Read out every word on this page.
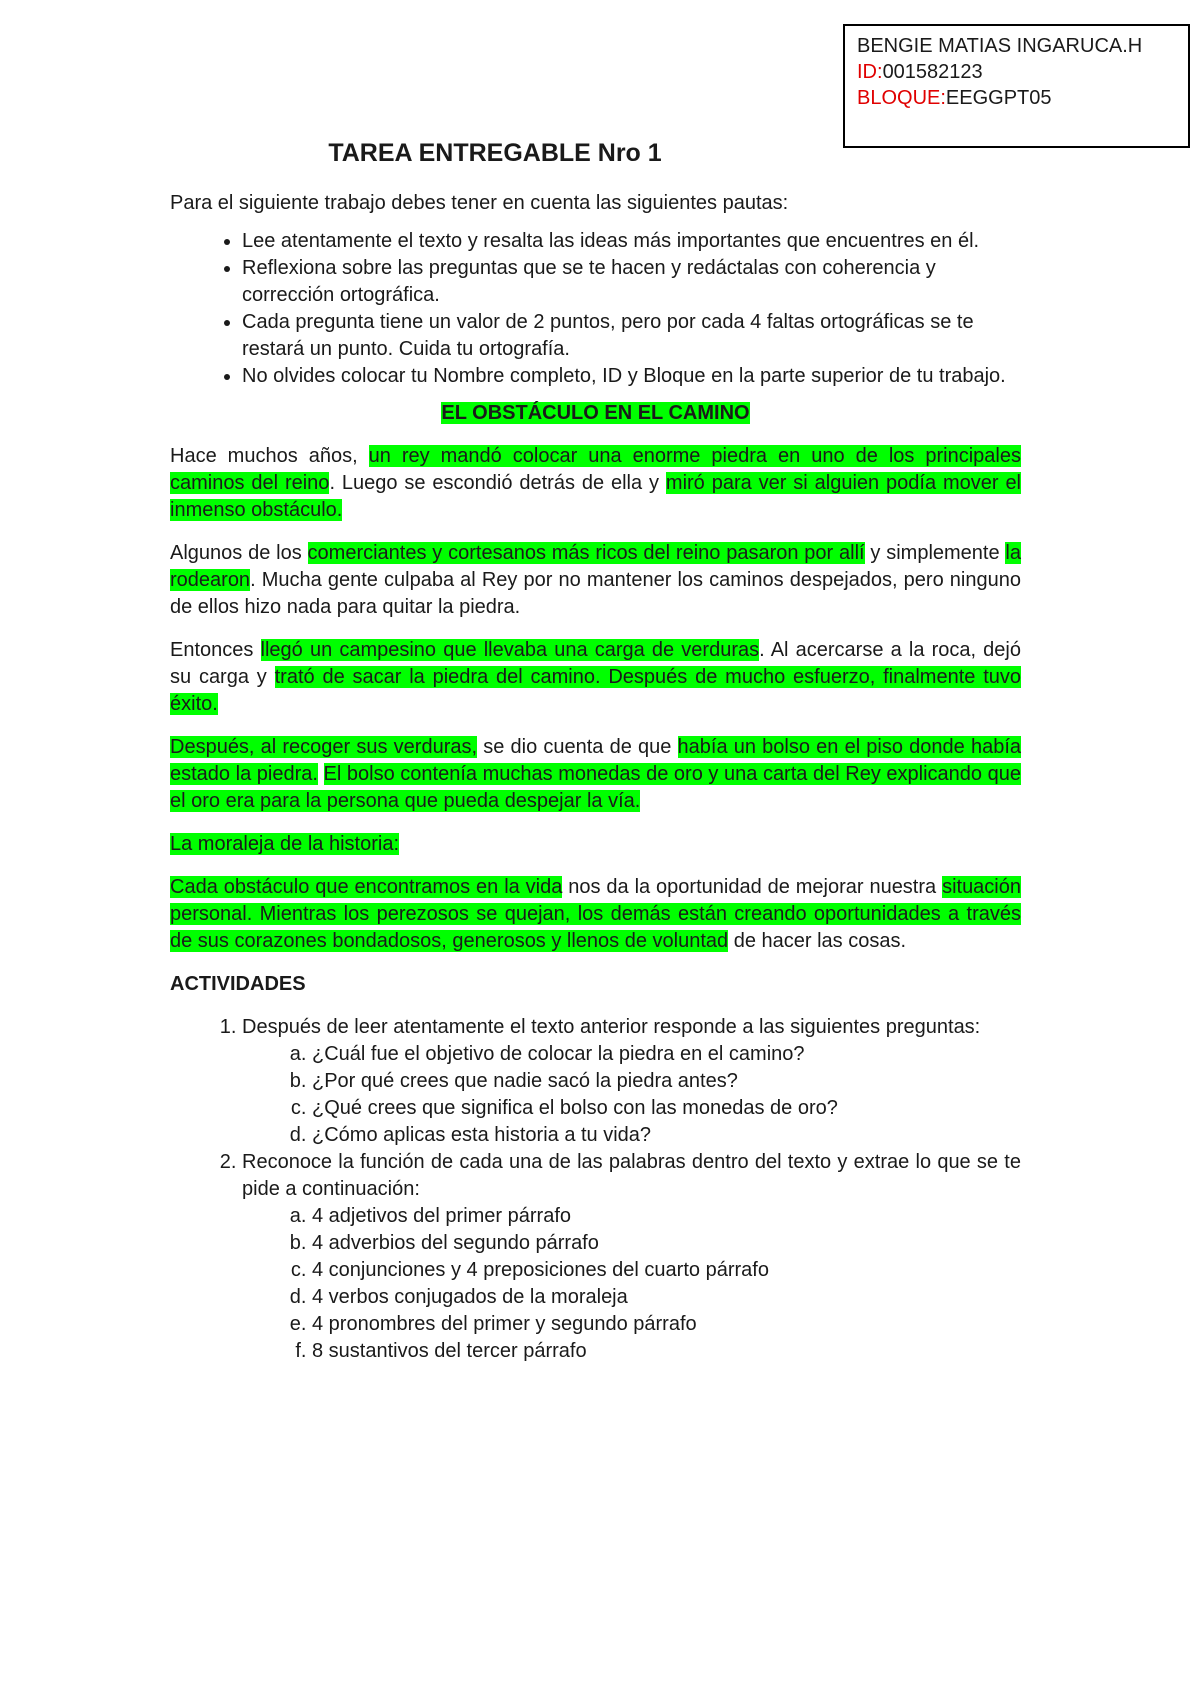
BENGIE MATIAS INGARUCA.H
ID:001582123
BLOQUE:EEGGPT05
TAREA ENTREGABLE Nro 1

Para el siguiente trabajo debes tener en cuenta las siguientes pautas:

• Lee atentamente el texto y resalta las ideas más importantes que encuentres en él.
• Reflexiona sobre las preguntas que se te hacen y redáctalas con coherencia y corrección ortográfica.
• Cada pregunta tiene un valor de 2 puntos, pero por cada 4 faltas ortográficas se te restará un punto. Cuida tu ortografía.
• No olvides colocar tu Nombre completo, ID y Bloque en la parte superior de tu trabajo.

EL OBSTÁCULO EN EL CAMINO

Hace muchos años, un rey mandó colocar una enorme piedra en uno de los principales caminos del reino. Luego se escondió detrás de ella y miró para ver si alguien podía mover el inmenso obstáculo.

Algunos de los comerciantes y cortesanos más ricos del reino pasaron por allí y simplemente la rodearon. Mucha gente culpaba al Rey por no mantener los caminos despejados, pero ninguno de ellos hizo nada para quitar la piedra.

Entonces llegó un campesino que llevaba una carga de verduras. Al acercarse a la roca, dejó su carga y trató de sacar la piedra del camino. Después de mucho esfuerzo, finalmente tuvo éxito.

Después, al recoger sus verduras, se dio cuenta de que había un bolso en el piso donde había estado la piedra. El bolso contenía muchas monedas de oro y una carta del Rey explicando que el oro era para la persona que pueda despejar la vía.

La moraleja de la historia:

Cada obstáculo que encontramos en la vida nos da la oportunidad de mejorar nuestra situación personal. Mientras los perezosos se quejan, los demás están creando oportunidades a través de sus corazones bondadosos, generosos y llenos de voluntad de hacer las cosas.

ACTIVIDADES

1. Después de leer atentamente el texto anterior responde a las siguientes preguntas:
a. ¿Cuál fue el objetivo de colocar la piedra en el camino?
b. ¿Por qué crees que nadie sacó la piedra antes?
c. ¿Qué crees que significa el bolso con las monedas de oro?
d. ¿Cómo aplicas esta historia a tu vida?
2. Reconoce la función de cada una de las palabras dentro del texto y extrae lo que se te pide a continuación:
a. 4 adjetivos del primer párrafo
b. 4 adverbios del segundo párrafo
c. 4 conjunciones y 4 preposiciones del cuarto párrafo
d. 4 verbos conjugados de la moraleja
e. 4 pronombres del primer y segundo párrafo
f. 8 sustantivos del tercer párrafo
